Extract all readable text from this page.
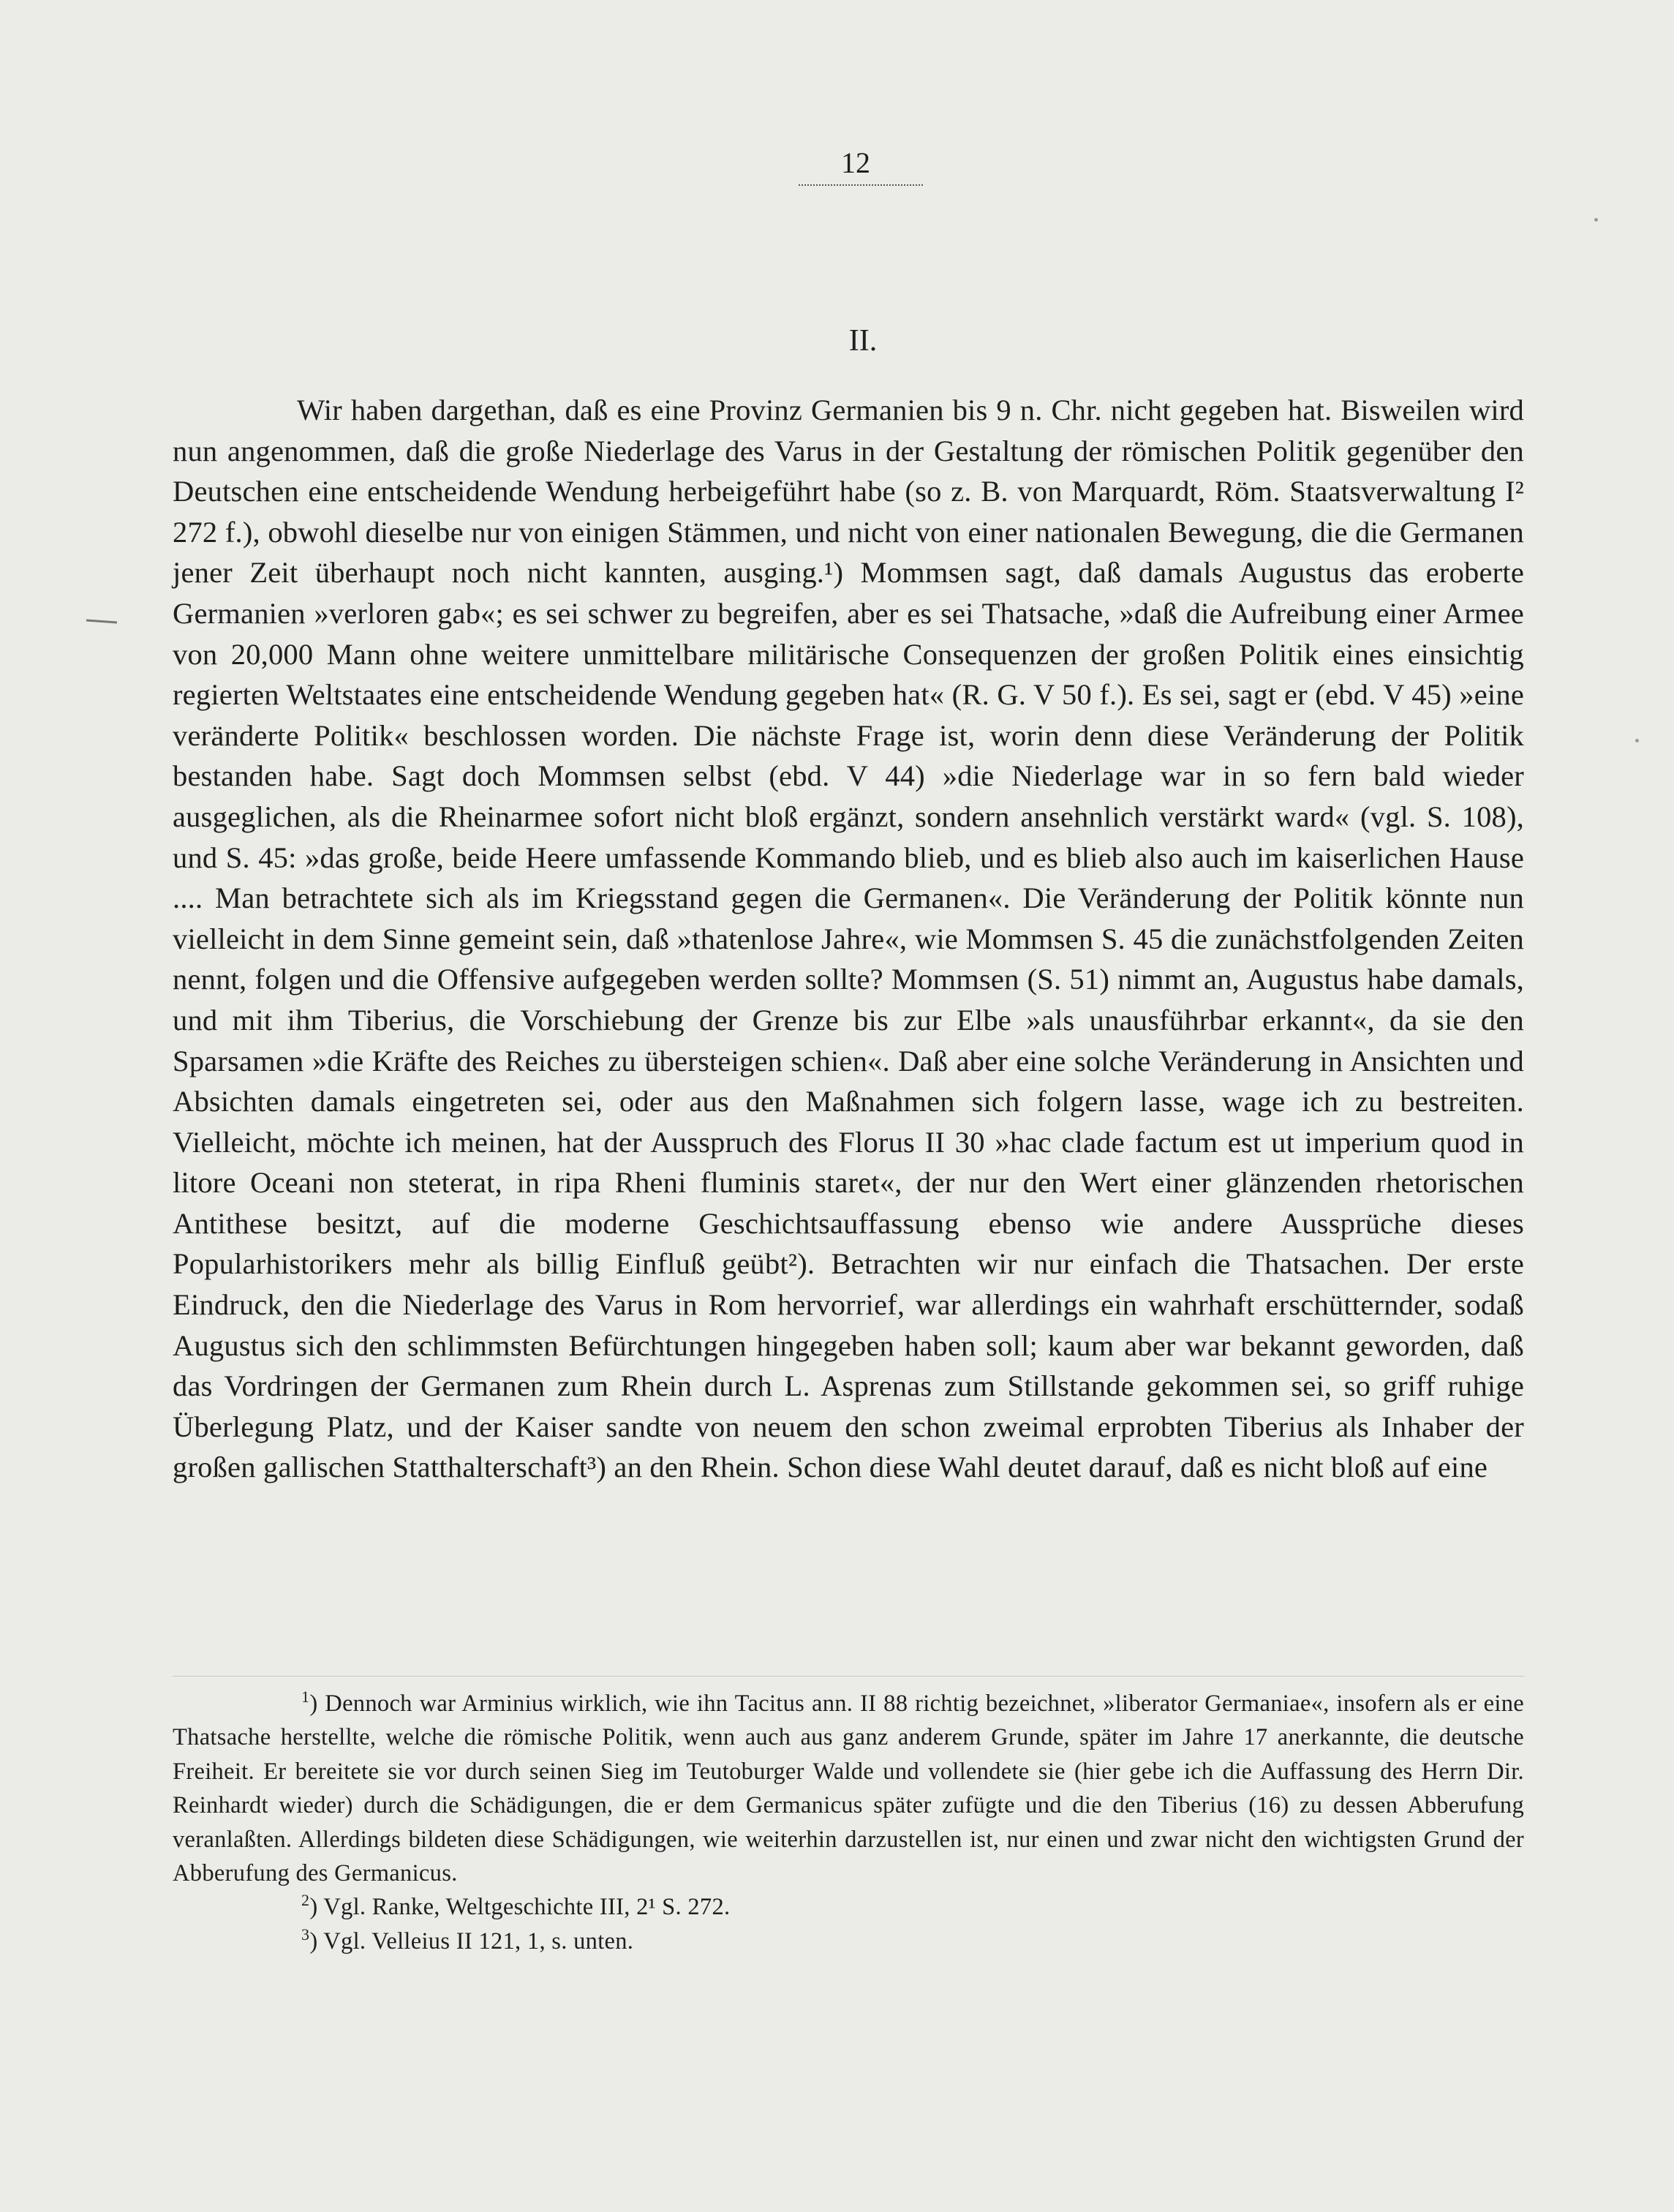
12
II.
Wir haben dargethan, daß es eine Provinz Germanien bis 9 n. Chr. nicht gegeben hat. Bisweilen wird nun angenommen, daß die große Niederlage des Varus in der Gestaltung der römischen Politik gegenüber den Deutschen eine entscheidende Wendung herbeigeführt habe (so z. B. von Marquardt, Röm. Staatsverwaltung I² 272 f.), obwohl dieselbe nur von einigen Stämmen, und nicht von einer nationalen Bewegung, die die Germanen jener Zeit überhaupt noch nicht kannten, ausging.¹) Mommsen sagt, daß damals Augustus das eroberte Germanien »verloren gab«; es sei schwer zu begreifen, aber es sei Thatsache, »daß die Aufreibung einer Armee von 20,000 Mann ohne weitere unmittelbare militärische Consequenzen der großen Politik eines einsichtig regierten Weltstaates eine entscheidende Wendung gegeben hat« (R. G. V 50 f.). Es sei, sagt er (ebd. V 45) »eine veränderte Politik« beschlossen worden. Die nächste Frage ist, worin denn diese Veränderung der Politik bestanden habe. Sagt doch Mommsen selbst (ebd. V 44) »die Niederlage war in so fern bald wieder ausgeglichen, als die Rheinarmee sofort nicht bloß ergänzt, sondern ansehnlich verstärkt ward« (vgl. S. 108), und S. 45: »das große, beide Heere umfassende Kommando blieb, und es blieb also auch im kaiserlichen Hause .... Man betrachtete sich als im Kriegsstand gegen die Germanen«. Die Veränderung der Politik könnte nun vielleicht in dem Sinne gemeint sein, daß »thatenlose Jahre«, wie Mommsen S. 45 die zunächstfolgenden Zeiten nennt, folgen und die Offensive aufgegeben werden sollte? Mommsen (S. 51) nimmt an, Augustus habe damals, und mit ihm Tiberius, die Vorschiebung der Grenze bis zur Elbe »als unausführbar erkannt«, da sie den Sparsamen »die Kräfte des Reiches zu übersteigen schien«. Daß aber eine solche Veränderung in Ansichten und Absichten damals eingetreten sei, oder aus den Maßnahmen sich folgern lasse, wage ich zu bestreiten. Vielleicht, möchte ich meinen, hat der Ausspruch des Florus II 30 »hac clade factum est ut imperium quod in litore Oceani non steterat, in ripa Rheni fluminis staret«, der nur den Wert einer glänzenden rhetorischen Antithese besitzt, auf die moderne Geschichtsauffassung ebenso wie andere Aussprüche dieses Popularhistorikers mehr als billig Einfluß geübt²). Betrachten wir nur einfach die Thatsachen. Der erste Eindruck, den die Niederlage des Varus in Rom hervorrief, war allerdings ein wahrhaft erschütternder, sodaß Augustus sich den schlimmsten Befürchtungen hingegeben haben soll; kaum aber war bekannt geworden, daß das Vordringen der Germanen zum Rhein durch L. Asprenas zum Stillstande gekommen sei, so griff ruhige Überlegung Platz, und der Kaiser sandte von neuem den schon zweimal erprobten Tiberius als Inhaber der großen gallischen Statthalterschaft³) an den Rhein. Schon diese Wahl deutet darauf, daß es nicht bloß auf eine
$^1$) Dennoch war Arminius wirklich, wie ihn Tacitus ann. II 88 richtig bezeichnet, »liberator Germaniae«, insofern als er eine Thatsache herstellte, welche die römische Politik, wenn auch aus ganz anderem Grunde, später im Jahre 17 anerkannte, die deutsche Freiheit. Er bereitete sie vor durch seinen Sieg im Teutoburger Walde und vollendete sie (hier gebe ich die Auffassung des Herrn Dir. Reinhardt wieder) durch die Schädigungen, die er dem Germanicus später zufügte und die den Tiberius (16) zu dessen Abberufung veranlaßten. Allerdings bildeten diese Schädigungen, wie weiterhin darzustellen ist, nur einen und zwar nicht den wichtigsten Grund der Abberufung des Germanicus.
$^2$) Vgl. Ranke, Weltgeschichte III, 2¹ S. 272.
$^3$) Vgl. Velleius II 121, 1, s. unten.
